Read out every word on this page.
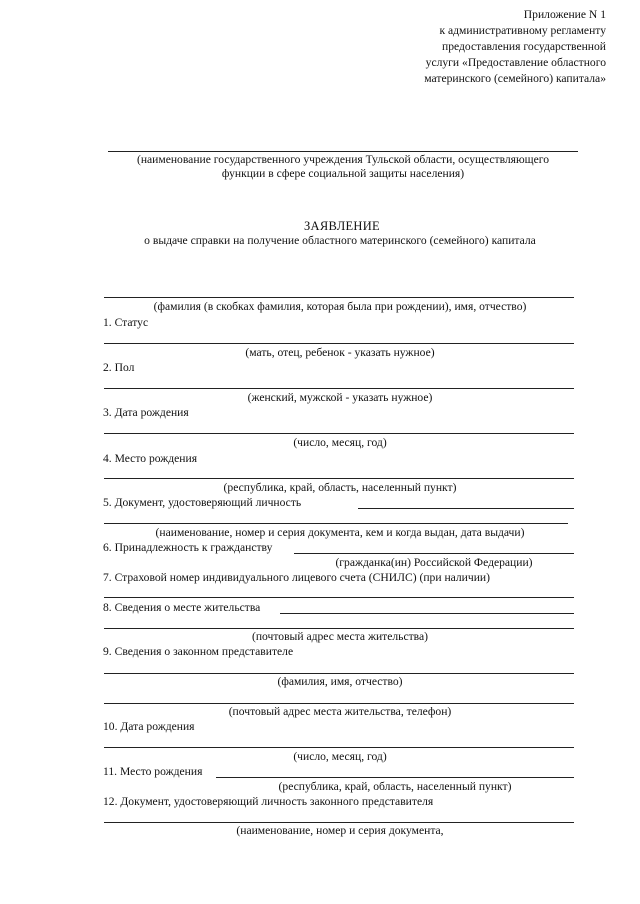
Приложение N 1
к административному регламенту
предоставления государственной
услуги «Предоставление областного
материнского (семейного) капитала»
(наименование государственного учреждения Тульской области, осуществляющего
функции в сфере социальной защиты населения)
ЗАЯВЛЕНИЕ
о выдаче справки на получение областного материнского (семейного) капитала
(фамилия (в скобках фамилия, которая была при рождении), имя, отчество)
1. Статус
(мать, отец, ребенок - указать нужное)
2. Пол
(женский, мужской - указать нужное)
3. Дата рождения
(число, месяц, год)
4. Место рождения
(республика, край, область, населенный пункт)
5. Документ, удостоверяющий личность
(наименование, номер и серия документа, кем и когда выдан, дата выдачи)
6. Принадлежность к гражданству
(гражданка(ин) Российской Федерации)
7. Страховой номер индивидуального лицевого счета (СНИЛС) (при наличии)
8. Сведения о месте жительства
(почтовый адрес места жительства)
9. Сведения о законном представителе
(фамилия, имя, отчество)
(почтовый адрес места жительства, телефон)
10. Дата рождения
(число, месяц, год)
11. Место рождения
(республика, край, область, населенный пункт)
12. Документ, удостоверяющий личность законного представителя
(наименование, номер и серия документа,
